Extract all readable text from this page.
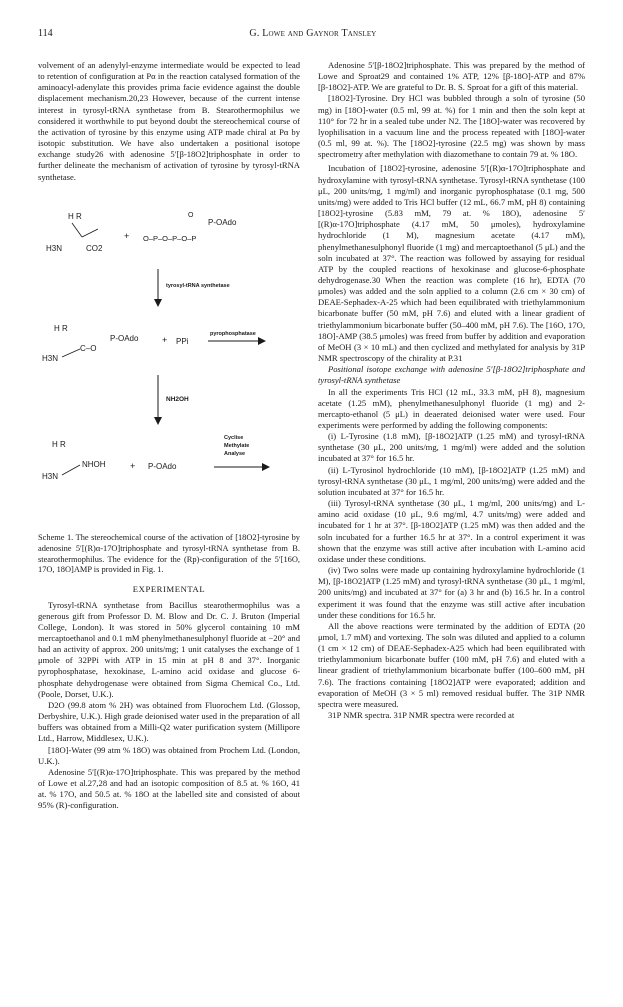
114	G. Lowe and Gaynor Tansley

volvement of an adenylyl-enzyme intermediate would be expected to lead to retention of configuration at Pα in the reaction catalysed formation of the aminoacyl-adenylate this provides prima facie evidence against the double displacement mechanism.20,23 However, because of the current intense interest in tyrosyl-tRNA synthetase from B. Stearothermophilus we considered it worthwhile to put beyond doubt the stereochemical course of the activation of tyrosine by this enzyme using ATP made chiral at Pα by isotopic substitution. We have also undertaken a positional isotope exchange study26 with adenosine 5′[β-18O2]triphosphate in order to further delineate the mechanism of activation of tyrosine by tyrosyl-tRNA synthetase.

H R
H3N	CO2
+ O–P–O–P–O–P
P-OAdo
O
tyrosyl-tRNA synthetase
H R
H3N
C–O
P-OAdo	+ PPi
pyrophosphatase
NH2OH
H R
H3N
NHOH	+ P-OAdo
Cyclise
Methylate
Analyse

Scheme 1. The stereochemical course of the activation of [18O2]-tyrosine by adenosine 5′[(R)α-17O]triphosphate and tyrosyl-tRNA synthetase from B. stearothermophilus. The evidence for the (Rp)-configuration of the 5′[16O, 17O, 18O]AMP is provided in Fig. 1.

EXPERIMENTAL

Tyrosyl-tRNA synthetase from Bacillus stearothermophilus was a generous gift from Professor D. M. Blow and Dr. C. J. Bruton (Imperial College, London). It was stored in 50% glycerol containing 10 mM mercaptoethanol and 0.1 mM phenylmethanesulphonyl fluoride at −20° and had an activity of approx. 200 units/mg; 1 unit catalyses the exchange of 1 μmole of 32PPi with ATP in 15 min at pH 8 and 37°. Inorganic pyrophosphatase, hexokinase, L-amino acid oxidase and glucose 6-phosphate dehydrogenase were obtained from Sigma Chemical Co., Ltd. (Poole, Dorset, U.K.).

D2O (99.8 atom % 2H) was obtained from Fluorochem Ltd. (Glossop, Derbyshire, U.K.). High grade deionised water used in the preparation of all buffers was obtained from a Milli-Q2 water purification system (Millipore Ltd., Harrow, Middlesex, U.K.).

[18O]-Water (99 atm % 18O) was obtained from Prochem Ltd. (London, U.K.).

Adenosine 5′[(R)α-17O]triphosphate. This was prepared by the method of Lowe et al.27,28 and had an isotopic composition of 8.5 at. % 16O, 41 at. % 17O, and 50.5 at. % 18O at the labelled site and consisted of about 95% (R)-configuration.

Adenosine 5′[β-18O2]triphosphate. This was prepared by the method of Lowe and Sproat29 and contained 1% ATP, 12% [β-18O]-ATP and 87% [β-18O2]-ATP. We are grateful to Dr. B. S. Sproat for a gift of this material.

[18O2]-Tyrosine. Dry HCl was bubbled through a soln of tyrosine (50 mg) in [18O]-water (0.5 ml, 99 at. %) for 1 min and then the soln kept at 110° for 72 hr in a sealed tube under N2. The [18O]-water was recovered by lyophilisation in a vacuum line and the process repeated with [18O]-water (0.5 ml, 99 at. %). The [18O2]-tyrosine (22.5 mg) was shown by mass spectrometry after methylation with diazomethane to contain 79 at. % 18O.

Incubation of [18O2]-tyrosine, adenosine 5′[(R)α-17O]triphosphate and hydroxylamine with tyrosyl-tRNA synthetase. Tyrosyl-tRNA synthetase (100 μL, 200 units/mg, 1 mg/ml) and inorganic pyrophosphatase (0.1 mg, 500 units/mg) were added to Tris HCl buffer (12 mL, 66.7 mM, pH 8) containing [18O2]-tyrosine (5.83 mM, 79 at. % 18O), adenosine 5′[(R)α-17O]triphosphate (4.17 mM, 50 μmoles), hydroxylamine hydrochloride (1 M), magnesium acetate (4.17 mM), phenylmethanesulphonyl fluoride (1 mg) and mercaptoethanol (5 μL) and the soln incubated at 37°. The reaction was followed by assaying for residual ATP by the coupled reactions of hexokinase and glucose-6-phosphate dehydrogenase.30 When the reaction was complete (16 hr), EDTA (70 μmoles) was added and the soln applied to a column (2.6 cm × 30 cm) of DEAE-Sephadex-A-25 which had been equilibrated with triethylammonium bicarbonate buffer (50 mM, pH 7.6) and eluted with a linear gradient of triethylammonium bicarbonate buffer (50–400 mM, pH 7.6). The [16O, 17O, 18O]-AMP (38.5 μmoles) was freed from buffer by addition and evaporation of MeOH (3 × 10 mL) and then cyclized and methylated for analysis by 31P NMR spectroscopy of the chirality at P.31

Positional isotope exchange with adenosine 5′[β-18O2]triphosphate and tyrosyl-tRNA synthetase

In all the experiments Tris HCl (12 mL, 33.3 mM, pH 8), magnesium acetate (1.25 mM), phenylmethanesulphonyl fluoride (1 mg) and 2-mercapto-ethanol (5 μL) in deaerated deionised water were used. Four experiments were performed by adding the following components:

(i) L-Tyrosine (1.8 mM), [β-18O2]ATP (1.25 mM) and tyrosyl-tRNA synthetase (30 μL, 200 units/mg, 1 mg/ml) were added and the solution incubated at 37° for 16.5 hr.

(ii) L-Tyrosinol hydrochloride (10 mM), [β-18O2]ATP (1.25 mM) and tyrosyl-tRNA synthetase (30 μL, 1 mg/ml, 200 units/mg) were added and the solution incubated at 37° for 16.5 hr.

(iii) Tyrosyl-tRNA synthetase (30 μL, 1 mg/ml, 200 units/mg) and L-amino acid oxidase (10 μL, 9.6 mg/ml, 4.7 units/mg) were added and incubated for 1 hr at 37°. [β-18O2]ATP (1.25 mM) was then added and the soln incubated for a further 16.5 hr at 37°. In a control experiment it was shown that the enzyme was still active after incubation with L-amino acid oxidase under these conditions.

(iv) Two solns were made up containing hydroxylamine hydrochloride (1 M), [β-18O2]ATP (1.25 mM) and tyrosyl-tRNA synthetase (30 μL, 1 mg/ml, 200 units/mg) and incubated at 37° for (a) 3 hr and (b) 16.5 hr. In a control experiment it was found that the enzyme was still active after incubation under these conditions for 16.5 hr.

All the above reactions were terminated by the addition of EDTA (20 μmol, 1.7 mM) and vortexing. The soln was diluted and applied to a column (1 cm × 12 cm) of DEAE-Sephadex-A25 which had been equilibrated with triethylammonium bicarbonate buffer (100 mM, pH 7.6) and eluted with a linear gradient of triethylammonium bicarbonate buffer (100–600 mM, pH 7.6). The fractions containing [18O2]ATP were evaporated; addition and evaporation of MeOH (3 × 5 ml) removed residual buffer. The 31P NMR spectra were measured.

31P NMR spectra. 31P NMR spectra were recorded at
